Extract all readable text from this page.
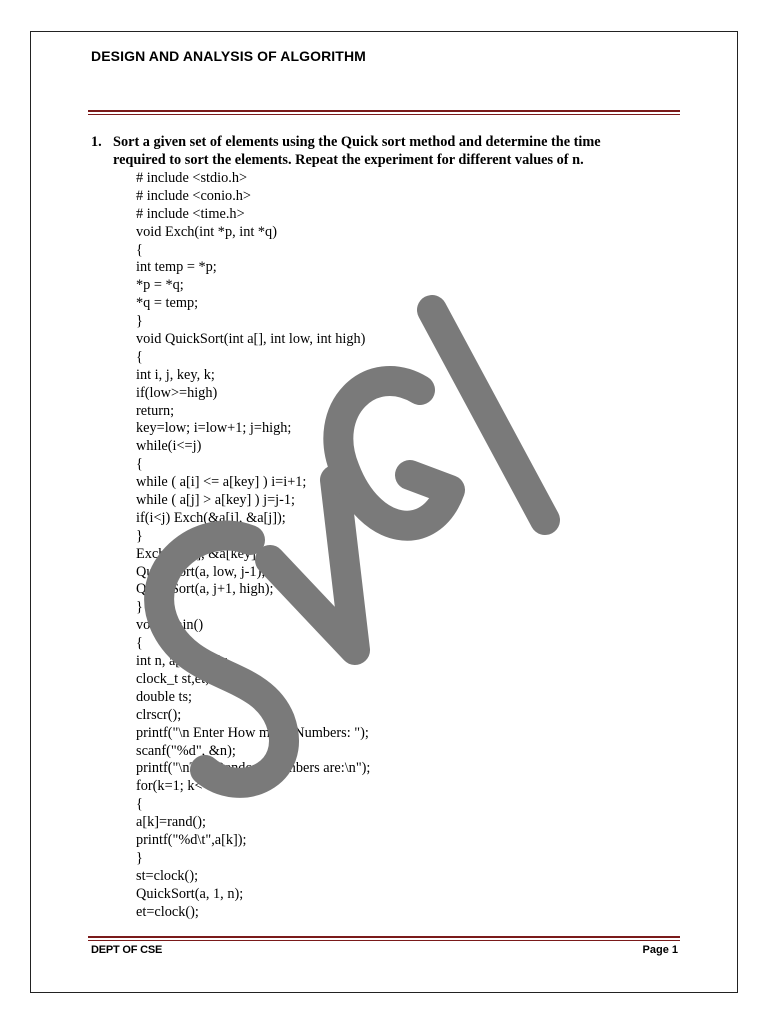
DESIGN AND ANALYSIS OF ALGORITHM
1. Sort a given set of elements using the Quick sort method and determine the time required to sort the elements. Repeat the experiment for different values of n.
# include <stdio.h>
# include <conio.h>
# include <time.h>
void Exch(int *p, int *q)
{
int temp = *p;
*p = *q;
*q = temp;
}
void QuickSort(int a[], int low, int high)
{
int i, j, key, k;
if(low>=high)
return;
key=low; i=low+1; j=high;
while(i<=j)
{
while ( a[i] <= a[key] ) i=i+1;
while ( a[j] > a[key] ) j=j-1;
if(i<j) Exch(&a[i], &a[j]);
}
Exch(&a[j], &a[key]);
QuickSort(a, low, j-1);
QuickSort(a, j+1, high);
}
void main()
{
int n, a[1000],k;
clock_t st,et;
double ts;
clrscr();
printf("\n Enter How many Numbers: ");
scanf("%d", &n);
printf("\nThe Random Numbers are:\n");
for(k=1; k<=n; k++)
{
a[k]=rand();
printf("%d\t",a[k]);
}
st=clock();
QuickSort(a, 1, n);
et=clock();
DEPT OF CSE	Page 1
